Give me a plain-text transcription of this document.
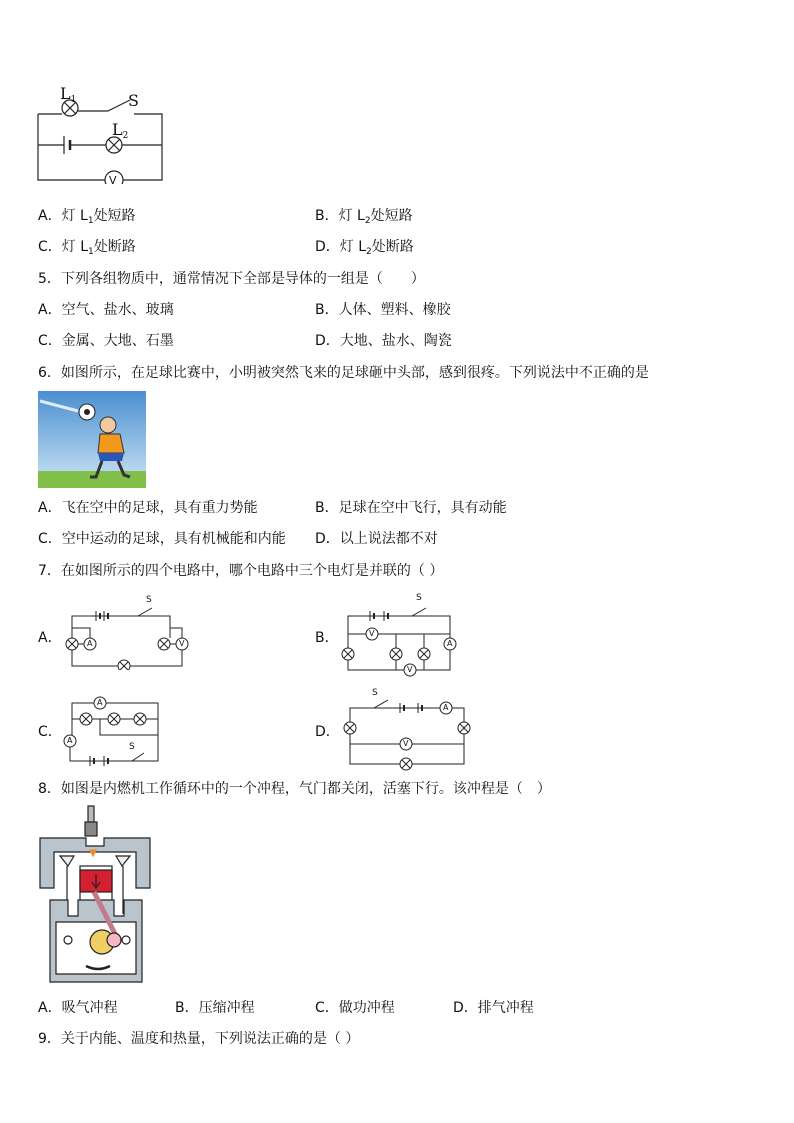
$L_1$	S
$L_2$
V
A．灯 $L_1$处短路	B．灯 $L_2$处短路
C．灯 $L_1$处断路	D．灯 $L_2$处断路
5．下列各组物质中，通常情况下全部是导体的一组是（　　）
A．空气、盐水、玻璃	B．人体、塑料、橡胶
C．金属、大地、石墨	D．大地、盐水、陶瓷
6．如图所示，在足球比赛中，小明被突然飞来的足球砸中头部，感到很疼。下列说法中不正确的是
A．飞在空中的足球，具有重力势能	B．足球在空中飞行，具有动能
C．空中运动的足球，具有机械能和内能 D．以上说法都不对
7．在如图所示的四个电路中，哪个电路中三个电灯是并联的（ ）
A．	B．
C．	D．
S
A	V
S
V
A
V
A
A
S
S
A
V
8．如图是内燃机工作循环中的一个冲程，气门都关闭，活塞下行。该冲程是（　）
A．吸气冲程	B．压缩冲程	C．做功冲程	D．排气冲程
9．关于内能、温度和热量，下列说法正确的是（ ）
